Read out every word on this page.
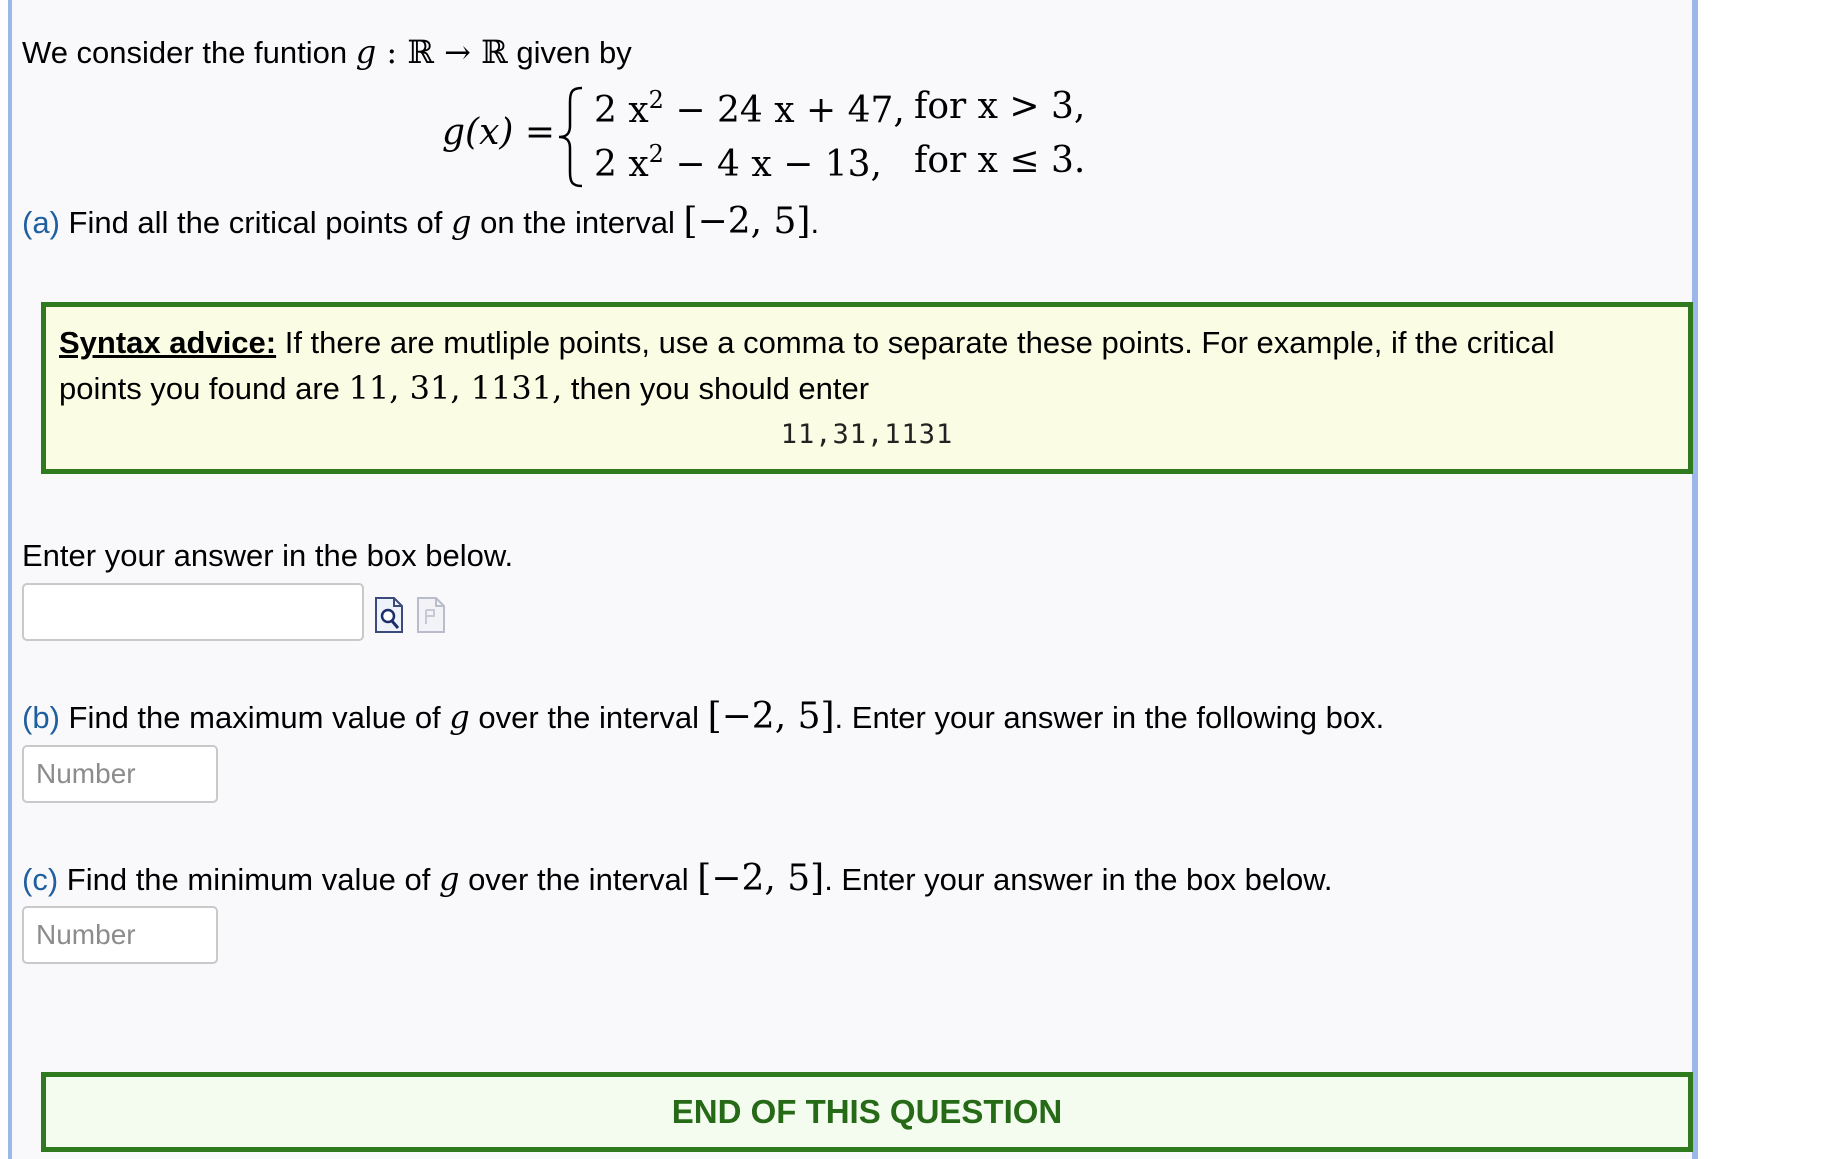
We consider the funtion g : ℝ → ℝ given by
g(x) =
2 $x^2 - 24$ x + 47,
2 $x^2 - 4$ x − 13,
for x > 3,
for x ≤ 3.
(a) Find all the critical points of g on the interval [−2, 5].
Syntax advice: If there are mutliple points, use a comma to separate these points. For example, if the critical
points you found are 11, 31, 1131, then you should enter
11,31,1131
Enter your answer in the box below.
(b) Find the maximum value of g over the interval [−2, 5]. Enter your answer in the following box.
Number
(c) Find the minimum value of g over the interval [−2, 5]. Enter your answer in the box below.
Number
END OF THIS QUESTION
